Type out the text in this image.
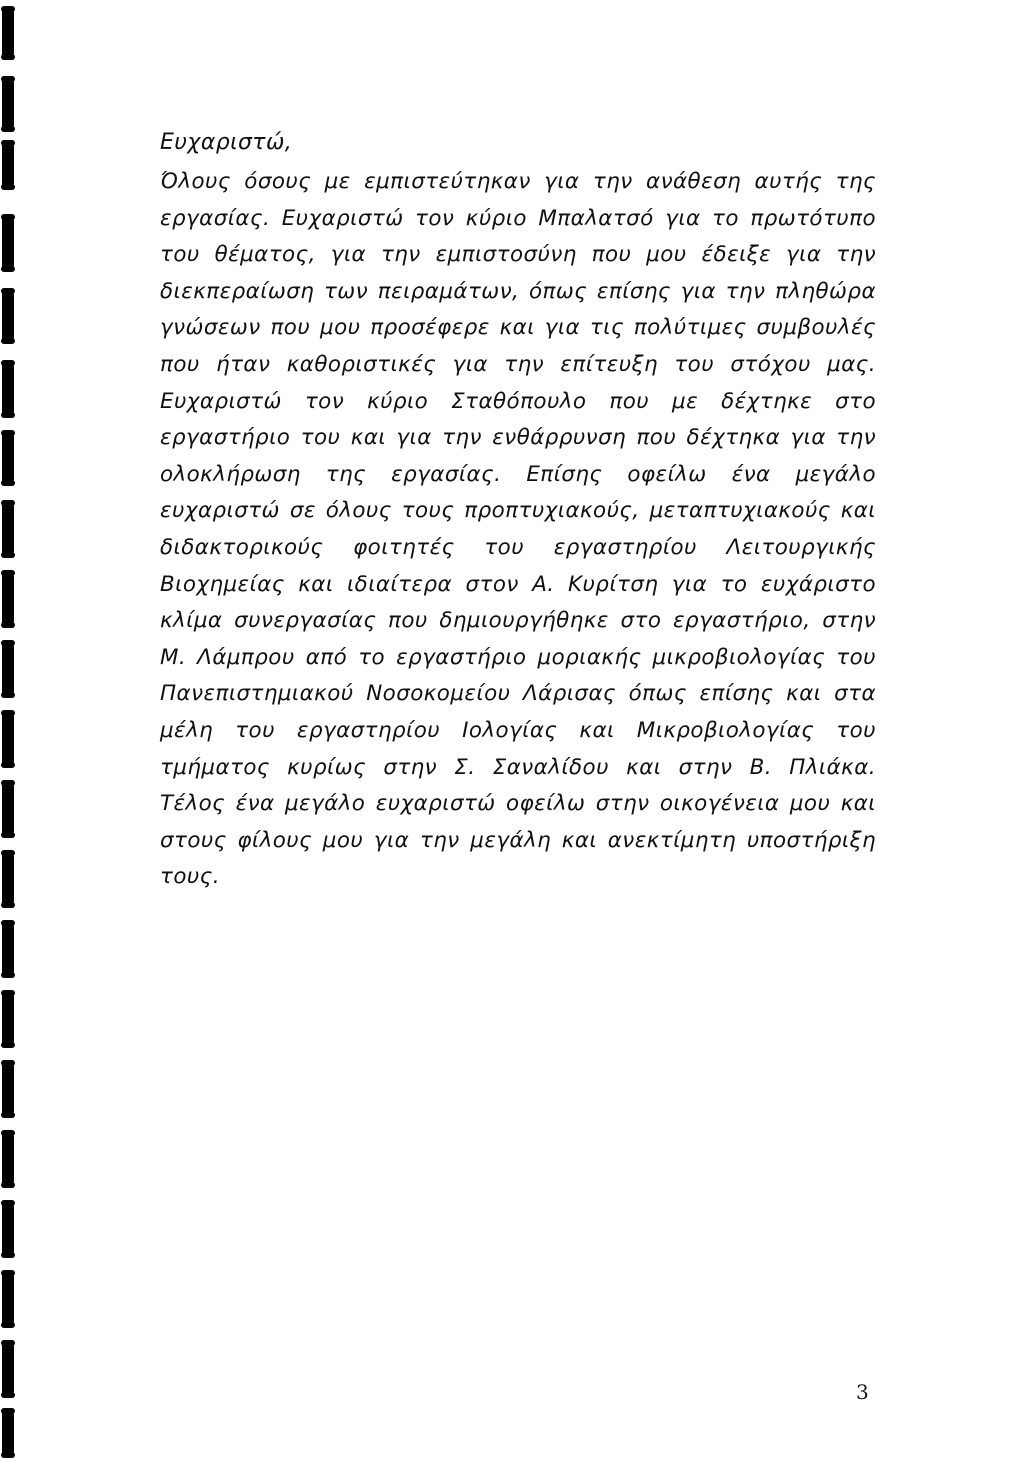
Ευχαριστώ,

Όλους όσους με εμπιστεύτηκαν για την ανάθεση αυτής της εργασίας. Ευχαριστώ τον κύριο Μπαλατσό για το πρωτότυπο του θέματος, για την εμπιστοσύνη που μου έδειξε για την διεκπεραίωση των πειραμάτων, όπως επίσης για την πληθώρα γνώσεων που μου προσέφερε και για τις πολύτιμες συμβουλές που ήταν καθοριστικές για την επίτευξη του στόχου μας. Ευχαριστώ τον κύριο Σταθόπουλο που με δέχτηκε στο εργαστήριο του και για την ενθάρρυνση που δέχτηκα για την ολοκλήρωση της εργασίας. Επίσης οφείλω ένα μεγάλο ευχαριστώ σε όλους τους προπτυχιακούς, μεταπτυχιακούς και διδακτορικούς φοιτητές του εργαστηρίου Λειτουργικής Βιοχημείας και ιδιαίτερα στον Α. Κυρίτση για το ευχάριστο κλίμα συνεργασίας που δημιουργήθηκε στο εργαστήριο, στην Μ. Λάμπρου από το εργαστήριο μοριακής μικροβιολογίας του Πανεπιστημιακού Νοσοκομείου Λάρισας όπως επίσης και στα μέλη του εργαστηρίου Ιολογίας και Μικροβιολογίας του τμήματος κυρίως στην Σ. Σαναλίδου και στην Β. Πλιάκα. Τέλος ένα μεγάλο ευχαριστώ οφείλω στην οικογένεια μου και στους φίλους μου για την μεγάλη και ανεκτίμητη υποστήριξη τους.

3
